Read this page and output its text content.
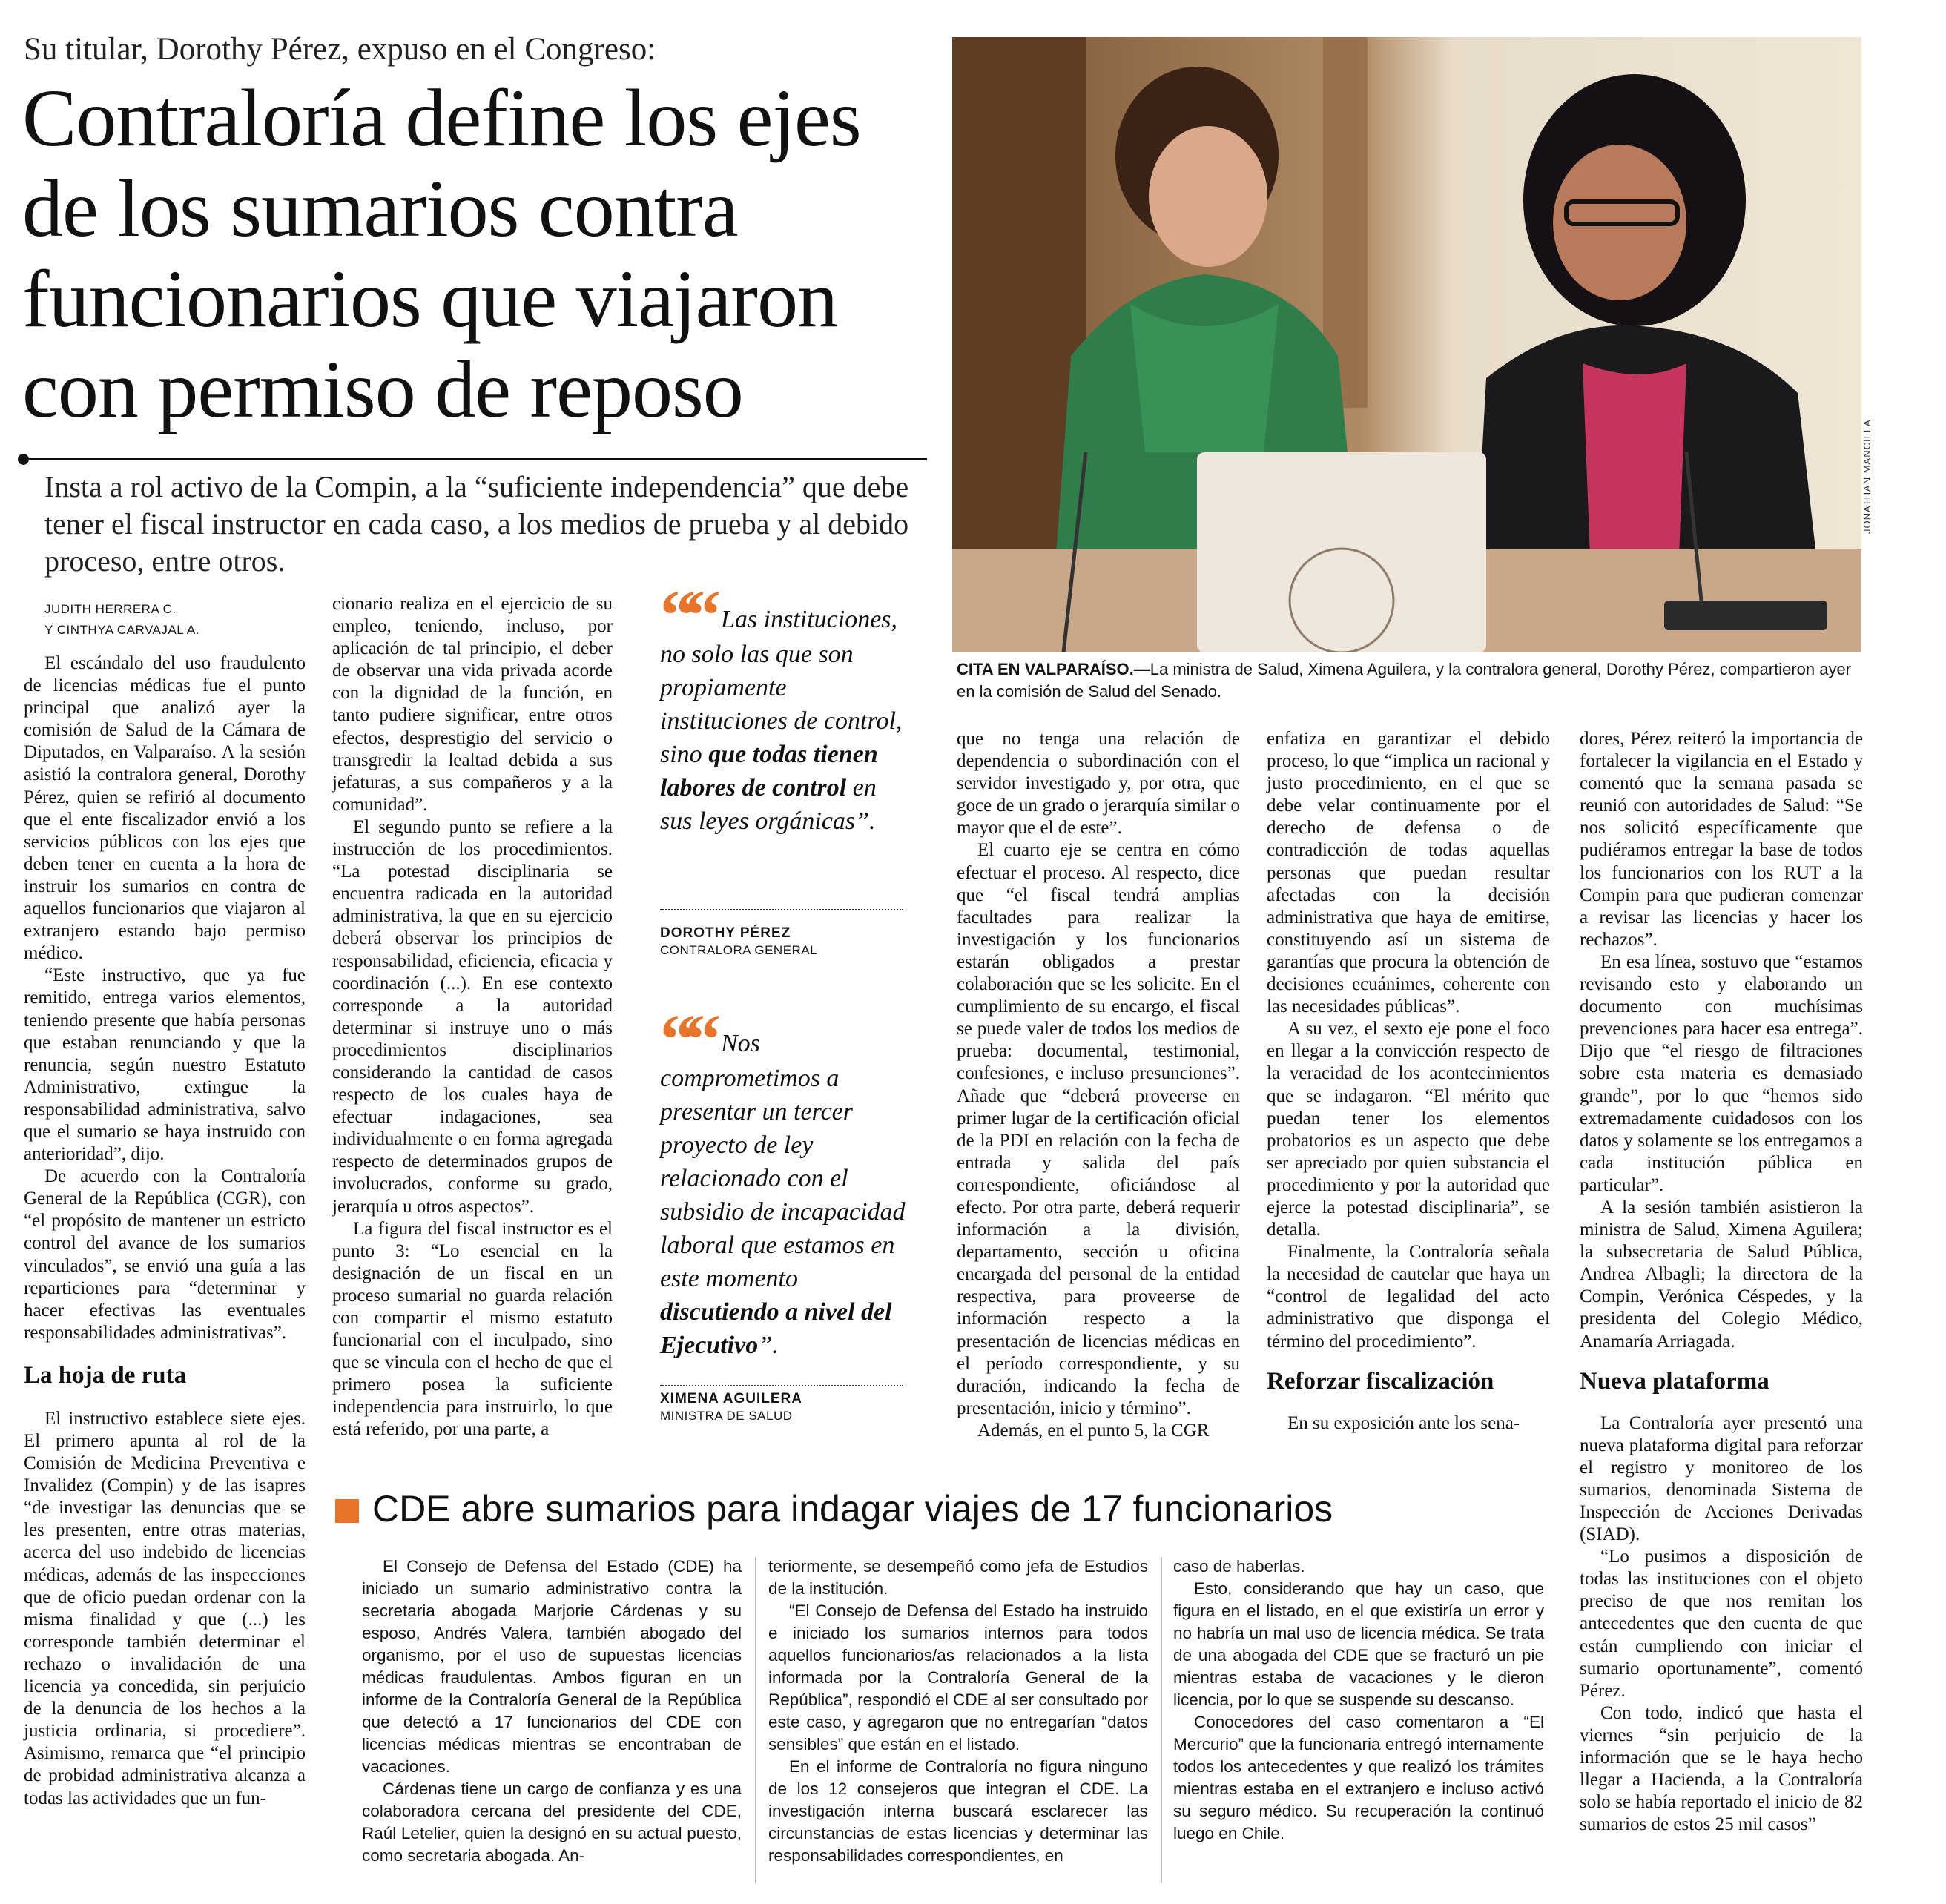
Su titular, Dorothy Pérez, expuso en el Congreso:
Contraloría define los ejes de los sumarios contra funcionarios que viajaron con permiso de reposo
Insta a rol activo de la Compin, a la “suficiente independencia” que debe tener el fiscal instructor en cada caso, a los medios de prueba y al debido proceso, entre otros.
JUDITH HERRERA C.
Y CINTHYA CARVAJAL A.

El escándalo del uso fraudulento de licencias médicas fue el punto principal que analizó ayer la comisión de Salud de la Cámara de Diputados, en Valparaíso. A la sesión asistió la contralora general, Dorothy Pérez, quien se refirió al documento que el ente fiscalizador envió a los servicios públicos con los ejes que deben tener en cuenta a la hora de instruir los sumarios en contra de aquellos funcionarios que viajaron al extranjero estando bajo permiso médico.

“Este instructivo, que ya fue remitido, entrega varios elementos, teniendo presente que había personas que estaban renunciando y que la renuncia, según nuestro Estatuto Administrativo, extingue la responsabilidad administrativa, salvo que el sumario se haya instruido con anterioridad”, dijo.

De acuerdo con la Contraloría General de la República (CGR), con “el propósito de mantener un estricto control del avance de los sumarios vinculados”, se envió una guía a las reparticiones para “determinar y hacer efectivas las eventuales responsabilidades administrativas”.

La hoja de ruta

El instructivo establece siete ejes. El primero apunta al rol de la Comisión de Medicina Preventiva e Invalidez (Compin) y de las isapres “de investigar las denuncias que se les presenten, entre otras materias, acerca del uso indebido de licencias médicas, además de las inspecciones que de oficio puedan ordenar con la misma finalidad y que (...) les corresponde también determinar el rechazo o invalidación de una licencia ya concedida, sin perjuicio de la denuncia de los hechos a la justicia ordinaria, si procediere”. Asimismo, remarca que “el principio de probidad administrativa alcanza a todas las actividades que un fun-

cionario realiza en el ejercicio de su empleo, teniendo, incluso, por aplicación de tal principio, el deber de observar una vida privada acorde con la dignidad de la función, en tanto pudiere significar, entre otros efectos, desprestigio del servicio o transgredir la lealtad debida a sus jefaturas, a sus compañeros y a la comunidad”.

El segundo punto se refiere a la instrucción de los procedimientos. “La potestad disciplinaria se encuentra radicada en la autoridad administrativa, la que en su ejercicio deberá observar los principios de responsabilidad, eficiencia, eficacia y coordinación (...). En ese contexto corresponde a la autoridad determinar si instruye uno o más procedimientos disciplinarios considerando la cantidad de casos respecto de los cuales haya de efectuar indagaciones, sea individualmente o en forma agregada respecto de determinados grupos de involucrados, conforme su grado, jerarquía u otros aspectos”.

La figura del fiscal instructor es el punto 3: “Lo esencial en la designación de un fiscal en un proceso sumarial no guarda relación con compartir el mismo estatuto funcionarial con el inculpado, sino que se vincula con el hecho de que el primero posea la suficiente independencia para instruirlo, lo que está referido, por una parte, a

““ Las instituciones, no solo las que son propiamente instituciones de control, sino que todas tienen labores de control en sus leyes orgánicas”.
DOROTHY PÉREZ
CONTRALORA GENERAL
““ Nos comprometimos a presentar un tercer proyecto de ley relacionado con el subsidio de incapacidad laboral que estamos en este momento discutiendo a nivel del Ejecutivo”.
XIMENA AGUILERA
MINISTRA DE SALUD
JONATHAN MANCILLA
CITA EN VALPARAÍSO.—La ministra de Salud, Ximena Aguilera, y la contralora general, Dorothy Pérez, compartieron ayer en la comisión de Salud del Senado.

que no tenga una relación de dependencia o subordinación con el servidor investigado y, por otra, que goce de un grado o jerarquía similar o mayor que el de este”.

El cuarto eje se centra en cómo efectuar el proceso. Al respecto, dice que “el fiscal tendrá amplias facultades para realizar la investigación y los funcionarios estarán obligados a prestar colaboración que se les solicite. En el cumplimiento de su encargo, el fiscal se puede valer de todos los medios de prueba: documental, testimonial, confesiones, e incluso presunciones”. Añade que “deberá proveerse en primer lugar de la certificación oficial de la PDI en relación con la fecha de entrada y salida del país correspondiente, oficiándose al efecto. Por otra parte, deberá requerir información a la división, departamento, sección u oficina encargada del personal de la entidad respectiva, para proveerse de información respecto a la presentación de licencias médicas en el período correspondiente, y su duración, indicando la fecha de presentación, inicio y término”.

Además, en el punto 5, la CGR

enfatiza en garantizar el debido proceso, lo que “implica un racional y justo procedimiento, en el que se debe velar continuamente por el derecho de defensa o de contradicción de todas aquellas personas que puedan resultar afectadas con la decisión administrativa que haya de emitirse, constituyendo así un sistema de garantías que procura la obtención de decisiones ecuánimes, coherente con las necesidades públicas”.

A su vez, el sexto eje pone el foco en llegar a la convicción respecto de la veracidad de los acontecimientos que se indagaron. “El mérito que puedan tener los elementos probatorios es un aspecto que debe ser apreciado por quien substancia el procedimiento y por la autoridad que ejerce la potestad disciplinaria”, se detalla.

Finalmente, la Contraloría señala la necesidad de cautelar que haya un “control de legalidad del acto administrativo que disponga el término del procedimiento”.

Reforzar fiscalización

En su exposición ante los sena-

dores, Pérez reiteró la importancia de fortalecer la vigilancia en el Estado y comentó que la semana pasada se reunió con autoridades de Salud: “Se nos solicitó específicamente que pudiéramos entregar la base de todos los funcionarios con los RUT a la Compin para que pudieran comenzar a revisar las licencias y hacer los rechazos”.

En esa línea, sostuvo que “estamos revisando esto y elaborando un documento con muchísimas prevenciones para hacer esa entrega”. Dijo que “el riesgo de filtraciones sobre esta materia es demasiado grande”, por lo que “hemos sido extremadamente cuidadosos con los datos y solamente se los entregamos a cada institución pública en particular”.

A la sesión también asistieron la ministra de Salud, Ximena Aguilera; la subsecretaria de Salud Pública, Andrea Albagli; la directora de la Compin, Verónica Céspedes, y la presidenta del Colegio Médico, Anamaría Arriagada.

Nueva plataforma

La Contraloría ayer presentó una nueva plataforma digital para reforzar el registro y monitoreo de los sumarios, denominada Sistema de Inspección de Acciones Derivadas (SIAD).

“Lo pusimos a disposición de todas las instituciones con el objeto preciso de que nos remitan los antecedentes que den cuenta de que están cumpliendo con iniciar el sumario oportunamente”, comentó Pérez.

Con todo, indicó que hasta el viernes “sin perjuicio de la información que se le haya hecho llegar a Hacienda, a la Contraloría solo se había reportado el inicio de 82 sumarios de estos 25 mil casos”

CDE abre sumarios para indagar viajes de 17 funcionarios

El Consejo de Defensa del Estado (CDE) ha iniciado un sumario administrativo contra la secretaria abogada Marjorie Cárdenas y su esposo, Andrés Valera, también abogado del organismo, por el uso de supuestas licencias médicas fraudulentas. Ambos figuran en un informe de la Contraloría General de la República que detectó a 17 funcionarios del CDE con licencias médicas mientras se encontraban de vacaciones.

Cárdenas tiene un cargo de confianza y es una colaboradora cercana del presidente del CDE, Raúl Letelier, quien la designó en su actual puesto, como secretaria abogada. An-

teriormente, se desempeñó como jefa de Estudios de la institución.

“El Consejo de Defensa del Estado ha instruido e iniciado los sumarios internos para todos aquellos funcionarios/as relacionados a la lista informada por la Contraloría General de la República”, respondió el CDE al ser consultado por este caso, y agregaron que no entregarían “datos sensibles” que están en el listado.

En el informe de Contraloría no figura ninguno de los 12 consejeros que integran el CDE. La investigación interna buscará esclarecer las circunstancias de estas licencias y determinar las responsabilidades correspondientes, en

caso de haberlas.

Esto, considerando que hay un caso, que figura en el listado, en el que existiría un error y no habría un mal uso de licencia médica. Se trata de una abogada del CDE que se fracturó un pie mientras estaba de vacaciones y le dieron licencia, por lo que se suspende su descanso.

Conocedores del caso comentaron a “El Mercurio” que la funcionaria entregó internamente todos los antecedentes y que realizó los trámites mientras estaba en el extranjero e incluso activó su seguro médico. Su recuperación la continuó luego en Chile.
